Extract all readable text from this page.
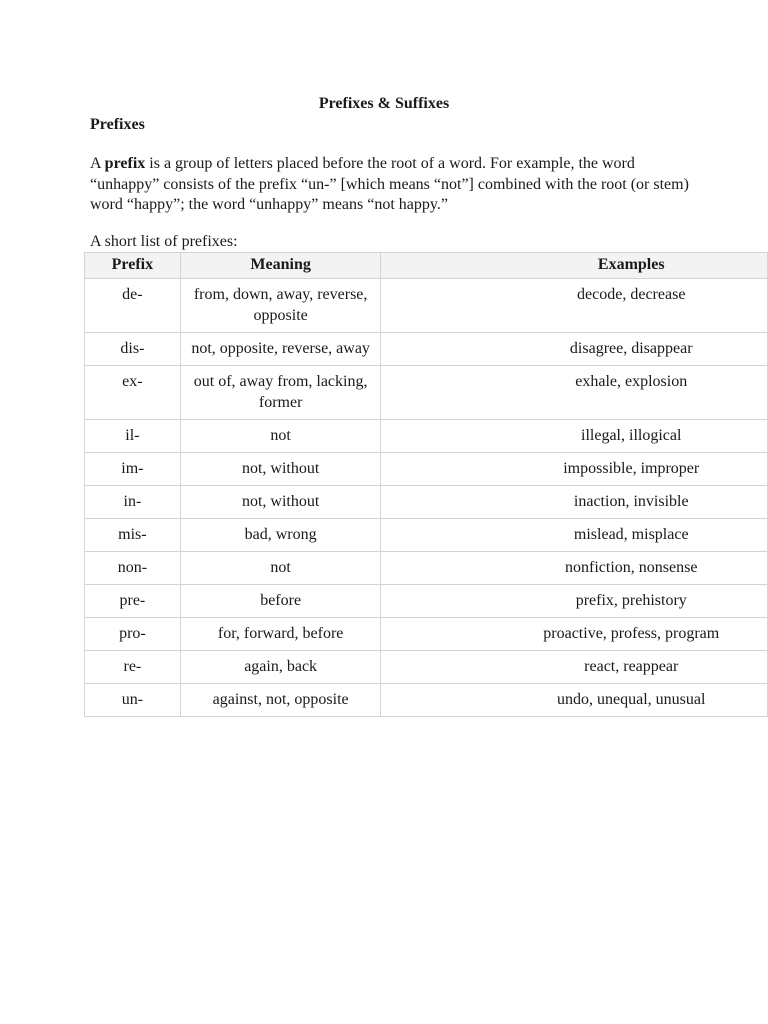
Prefixes & Suffixes
Prefixes

A prefix is a group of letters placed before the root of a word. For example, the word “unhappy” consists of the prefix “un-” [which means “not”] combined with the root (or stem) word “happy”; the word “unhappy” means “not happy.”

A short list of prefixes:
Prefix	Meaning	Examples
de-	from, down, away, reverse, opposite	decode, decrease
dis-	not, opposite, reverse, away	disagree, disappear
ex-	out of, away from, lacking, former	exhale, explosion
il-	not	illegal, illogical
im-	not, without	impossible, improper
in-	not, without	inaction, invisible
mis-	bad, wrong	mislead, misplace
non-	not	nonfiction, nonsense
pre-	before	prefix, prehistory
pro-	for, forward, before	proactive, profess, program
re-	again, back	react, reappear
un-	against, not, opposite	undo, unequal, unusual
